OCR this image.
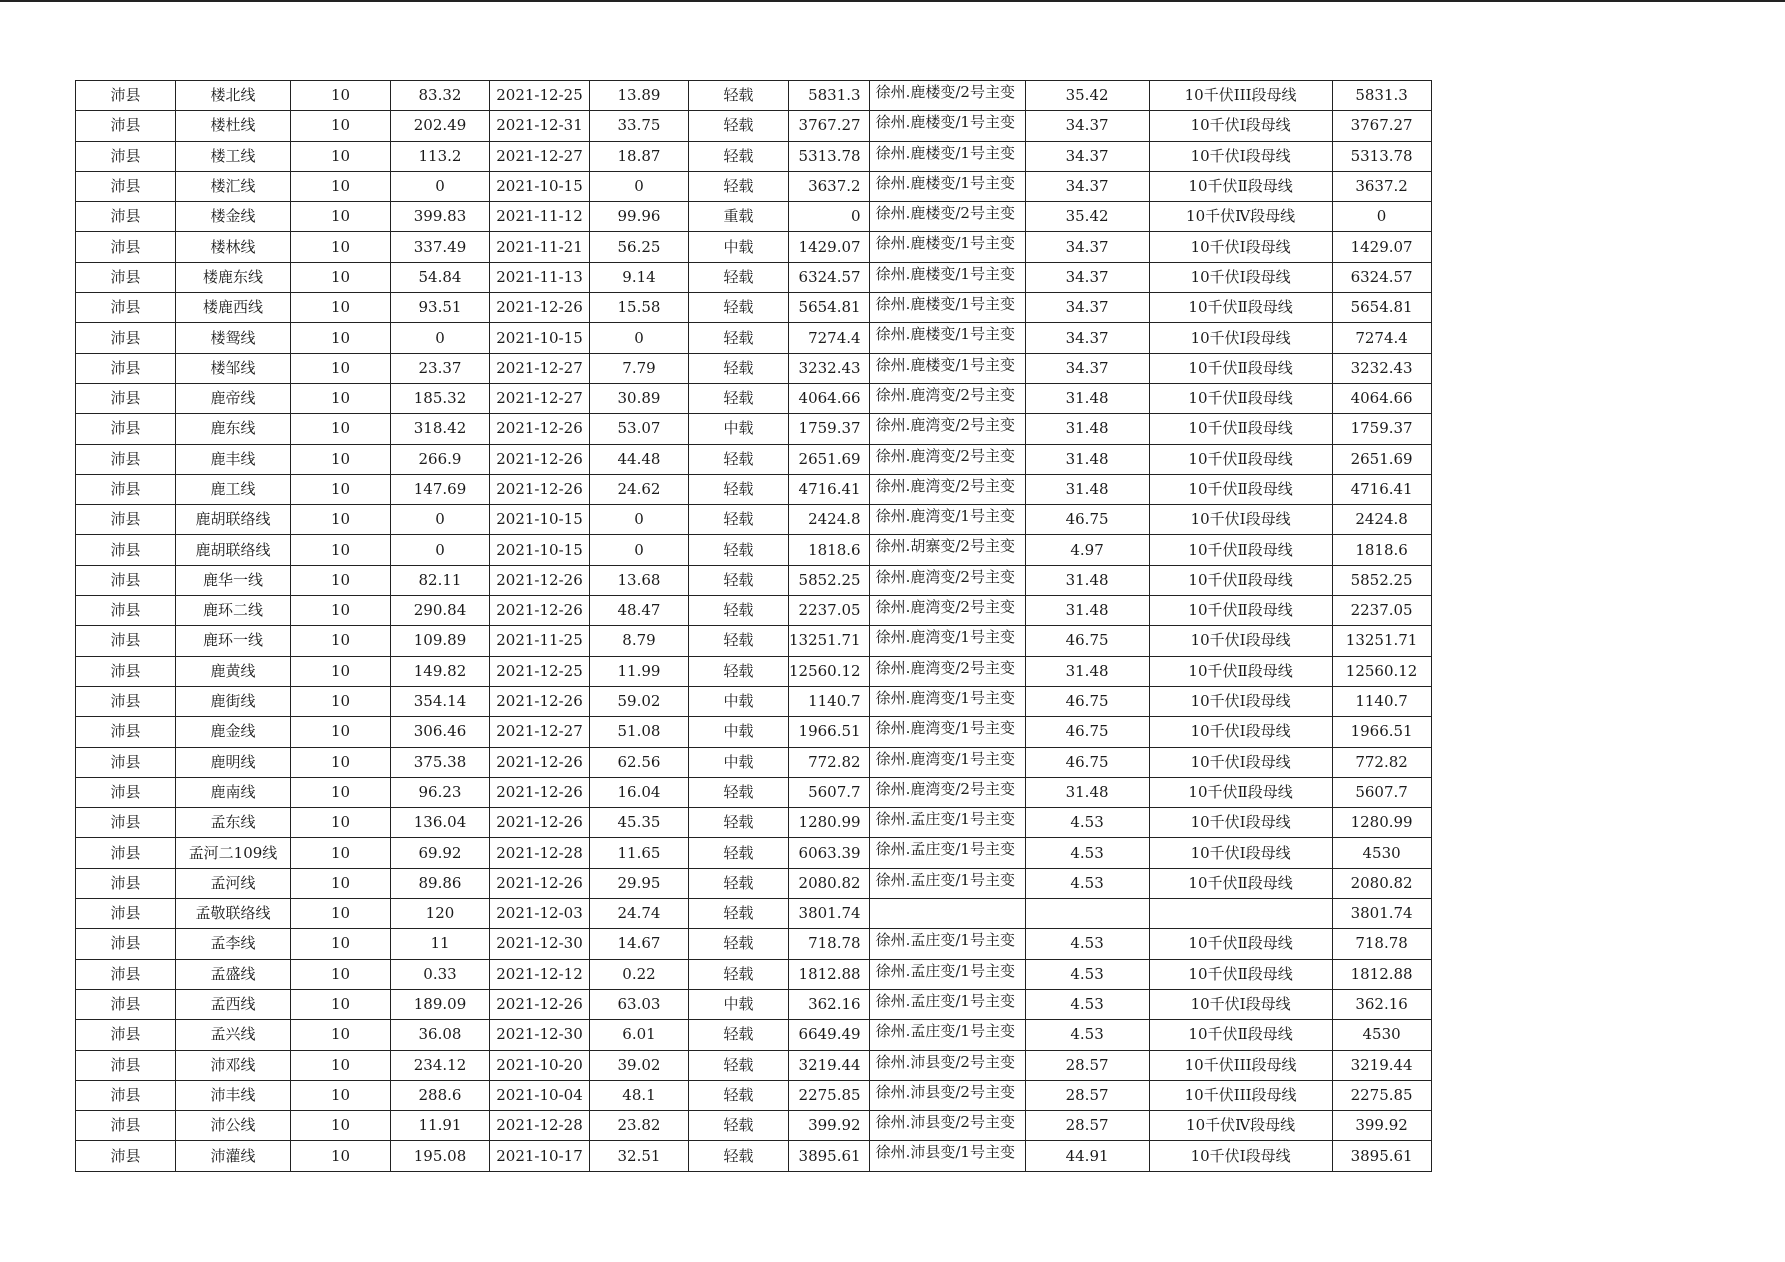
沛县	楼北线	10	83.32	2021-12-25	13.89	轻载	5831.3	徐州.鹿楼变/2号主变	35.42	10千伏III段母线	5831.3
沛县	楼杜线	10	202.49	2021-12-31	33.75	轻载	3767.27	徐州.鹿楼变/1号主变	34.37	10千伏Ⅰ段母线	3767.27
沛县	楼工线	10	113.2	2021-12-27	18.87	轻载	5313.78	徐州.鹿楼变/1号主变	34.37	10千伏Ⅰ段母线	5313.78
沛县	楼汇线	10	0	2021-10-15	0	轻载	3637.2	徐州.鹿楼变/1号主变	34.37	10千伏Ⅱ段母线	3637.2
沛县	楼金线	10	399.83	2021-11-12	99.96	重载	0	徐州.鹿楼变/2号主变	35.42	10千伏Ⅳ段母线	0
沛县	楼林线	10	337.49	2021-11-21	56.25	中载	1429.07	徐州.鹿楼变/1号主变	34.37	10千伏Ⅰ段母线	1429.07
沛县	楼鹿东线	10	54.84	2021-11-13	9.14	轻载	6324.57	徐州.鹿楼变/1号主变	34.37	10千伏Ⅰ段母线	6324.57
沛县	楼鹿西线	10	93.51	2021-12-26	15.58	轻载	5654.81	徐州.鹿楼变/1号主变	34.37	10千伏Ⅱ段母线	5654.81
沛县	楼鸳线	10	0	2021-10-15	0	轻载	7274.4	徐州.鹿楼变/1号主变	34.37	10千伏Ⅰ段母线	7274.4
沛县	楼邹线	10	23.37	2021-12-27	7.79	轻载	3232.43	徐州.鹿楼变/1号主变	34.37	10千伏Ⅱ段母线	3232.43
沛县	鹿帝线	10	185.32	2021-12-27	30.89	轻载	4064.66	徐州.鹿湾变/2号主变	31.48	10千伏Ⅱ段母线	4064.66
沛县	鹿东线	10	318.42	2021-12-26	53.07	中载	1759.37	徐州.鹿湾变/2号主变	31.48	10千伏Ⅱ段母线	1759.37
沛县	鹿丰线	10	266.9	2021-12-26	44.48	轻载	2651.69	徐州.鹿湾变/2号主变	31.48	10千伏Ⅱ段母线	2651.69
沛县	鹿工线	10	147.69	2021-12-26	24.62	轻载	4716.41	徐州.鹿湾变/2号主变	31.48	10千伏Ⅱ段母线	4716.41
沛县	鹿胡联络线	10	0	2021-10-15	0	轻载	2424.8	徐州.鹿湾变/1号主变	46.75	10千伏Ⅰ段母线	2424.8
沛县	鹿胡联络线	10	0	2021-10-15	0	轻载	1818.6	徐州.胡寨变/2号主变	4.97	10千伏Ⅱ段母线	1818.6
沛县	鹿华一线	10	82.11	2021-12-26	13.68	轻载	5852.25	徐州.鹿湾变/2号主变	31.48	10千伏Ⅱ段母线	5852.25
沛县	鹿环二线	10	290.84	2021-12-26	48.47	轻载	2237.05	徐州.鹿湾变/2号主变	31.48	10千伏Ⅱ段母线	2237.05
沛县	鹿环一线	10	109.89	2021-11-25	8.79	轻载	13251.71	徐州.鹿湾变/1号主变	46.75	10千伏Ⅰ段母线	13251.71
沛县	鹿黄线	10	149.82	2021-12-25	11.99	轻载	12560.12	徐州.鹿湾变/2号主变	31.48	10千伏Ⅱ段母线	12560.12
沛县	鹿街线	10	354.14	2021-12-26	59.02	中载	1140.7	徐州.鹿湾变/1号主变	46.75	10千伏Ⅰ段母线	1140.7
沛县	鹿金线	10	306.46	2021-12-27	51.08	中载	1966.51	徐州.鹿湾变/1号主变	46.75	10千伏Ⅰ段母线	1966.51
沛县	鹿明线	10	375.38	2021-12-26	62.56	中载	772.82	徐州.鹿湾变/1号主变	46.75	10千伏Ⅰ段母线	772.82
沛县	鹿南线	10	96.23	2021-12-26	16.04	轻载	5607.7	徐州.鹿湾变/2号主变	31.48	10千伏Ⅱ段母线	5607.7
沛县	孟东线	10	136.04	2021-12-26	45.35	轻载	1280.99	徐州.孟庄变/1号主变	4.53	10千伏Ⅰ段母线	1280.99
沛县	孟河二109线	10	69.92	2021-12-28	11.65	轻载	6063.39	徐州.孟庄变/1号主变	4.53	10千伏Ⅰ段母线	4530
沛县	孟河线	10	89.86	2021-12-26	29.95	轻载	2080.82	徐州.孟庄变/1号主变	4.53	10千伏Ⅱ段母线	2080.82
沛县	孟敬联络线	10	120	2021-12-03	24.74	轻载	3801.74				3801.74
沛县	孟李线	10	11	2021-12-30	14.67	轻载	718.78	徐州.孟庄变/1号主变	4.53	10千伏Ⅱ段母线	718.78
沛县	孟盛线	10	0.33	2021-12-12	0.22	轻载	1812.88	徐州.孟庄变/1号主变	4.53	10千伏Ⅱ段母线	1812.88
沛县	孟西线	10	189.09	2021-12-26	63.03	中载	362.16	徐州.孟庄变/1号主变	4.53	10千伏Ⅰ段母线	362.16
沛县	孟兴线	10	36.08	2021-12-30	6.01	轻载	6649.49	徐州.孟庄变/1号主变	4.53	10千伏Ⅱ段母线	4530
沛县	沛邓线	10	234.12	2021-10-20	39.02	轻载	3219.44	徐州.沛县变/2号主变	28.57	10千伏III段母线	3219.44
沛县	沛丰线	10	288.6	2021-10-04	48.1	轻载	2275.85	徐州.沛县变/2号主变	28.57	10千伏III段母线	2275.85
沛县	沛公线	10	11.91	2021-12-28	23.82	轻载	399.92	徐州.沛县变/2号主变	28.57	10千伏Ⅳ段母线	399.92
沛县	沛灌线	10	195.08	2021-10-17	32.51	轻载	3895.61	徐州.沛县变/1号主变	44.91	10千伏Ⅰ段母线	3895.61
